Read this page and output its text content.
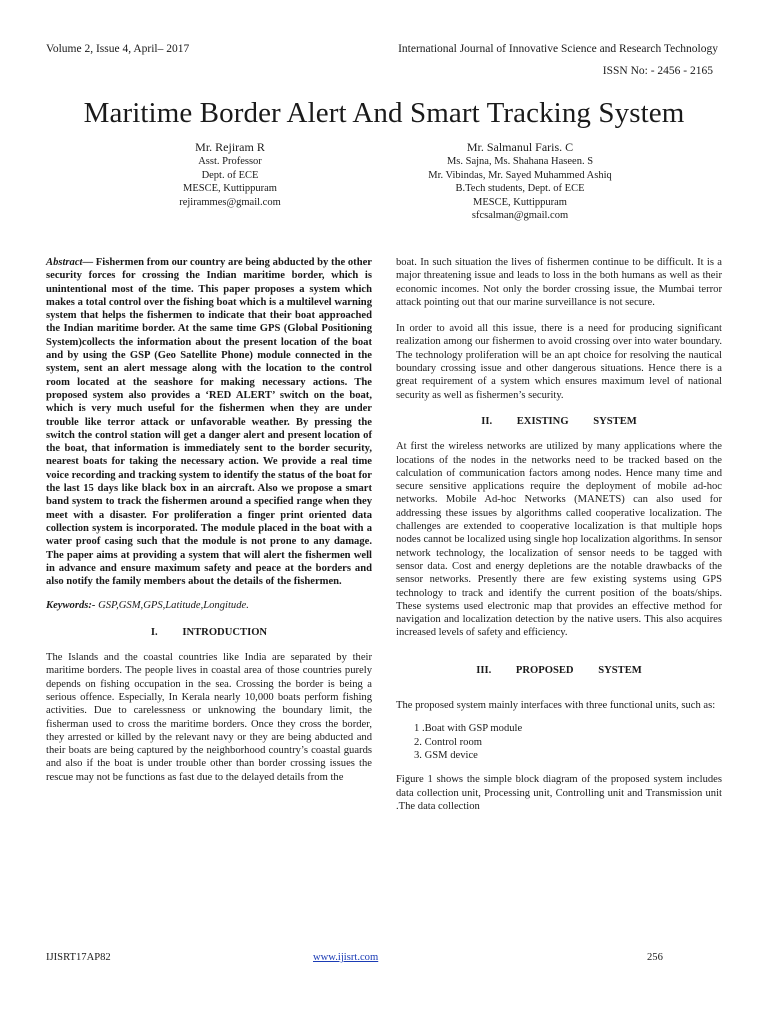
Volume 2, Issue 4, April– 2017	International Journal of Innovative Science and Research Technology
ISSN No: - 2456 - 2165
Maritime Border Alert And Smart Tracking System
Mr. Rejiram R
Asst. Professor
Dept. of ECE
MESCE, Kuttippuram
rejirammes@gmail.com
Mr. Salmanul Faris. C
Ms. Sajna, Ms. Shahana Haseen. S
Mr. Vibindas, Mr. Sayed Muhammed Ashiq
B.Tech students, Dept. of ECE
MESCE, Kuttippuram
sfcsalman@gmail.com
Abstract— Fishermen from our country are being abducted by the other security forces for crossing the Indian maritime border, which is unintentional most of the time. This paper proposes a system which makes a total control over the fishing boat which is a multilevel warning system that helps the fishermen to indicate that their boat approached the Indian maritime border. At the same time GPS (Global Positioning System)collects the information about the present location of the boat and by using the GSP (Geo Satellite Phone) module connected in the system, sent an alert message along with the location to the control room located at the seashore for making necessary actions. The proposed system also provides a ‘RED ALERT’ switch on the boat, which is very much useful for the fishermen when they are under trouble like terror attack or unfavorable weather. By pressing the switch the control station will get a danger alert and present location of the boat, that information is immediately sent to the border security, nearest boats for taking the necessary action. We provide a real time voice recording and tracking system to identify the status of the boat for the last 15 days like black box in an aircraft. Also we propose a smart band system to track the fishermen around a specified range when they meet with a disaster. For proliferation a finger print oriented data collection system is incorporated. The module placed in the boat with a water proof casing such that the module is not prone to any damage. The paper aims at providing a system that will alert the fishermen well in advance and ensure maximum safety and peace at the borders and also notify the family members about the details of the fishermen.
Keywords:- GSP,GSM,GPS,Latitude,Longitude.
I. INTRODUCTION
The Islands and the coastal countries like India are separated by their maritime borders. The people lives in coastal area of those countries purely depends on fishing occupation in the sea. Crossing the border is being a serious offence. Especially, In Kerala nearly 10,000 boats perform fishing activities. Due to carelessness or unknowing the boundary limit, the fisherman used to cross the maritime borders. Once they cross the border, they arrested or killed by the relevant navy or they are being abducted and their boats are being captured by the neighborhood country’s coastal guards and also if the boat is under trouble other than border crossing issues the rescue may not be functions as fast due to the delayed details from the
boat. In such situation the lives of fishermen continue to be difficult. It is a major threatening issue and leads to loss in the both humans as well as their economic incomes. Not only the border crossing issue, the Mumbai terror attack pointing out that our marine surveillance is not secure.
In order to avoid all this issue, there is a need for producing significant realization among our fishermen to avoid crossing over into water boundary. The technology proliferation will be an apt choice for resolving the nautical boundary crossing issue and other dangerous situations. Hence there is a great requirement of a system which ensures maximum level of national security as well as fishermen’s security.
II. EXISTING SYSTEM
At first the wireless networks are utilized by many applications where the locations of the nodes in the networks need to be tracked based on the calculation of communication factors among nodes. Hence many time and secure sensitive applications require the deployment of mobile ad-hoc networks. Mobile Ad-hoc Networks (MANETS) can also used for addressing these issues by algorithms called cooperative localization. The challenges are extended to cooperative localization is that multiple hops nodes cannot be localized using single hop localization algorithms. In sensor network technology, the localization of sensor needs to be tagged with sensor data. Cost and energy depletions are the notable drawbacks of the sensor networks. Presently there are few existing systems using GPS technology to track and identify the current position of the boats/ships. These systems used electronic map that provides an effective method for navigation and localization detection by the native users. This also acquires increased levels of safety and efficiency.
III. PROPOSED SYSTEM
The proposed system mainly interfaces with three functional units, such as:
1 .Boat with GSP module
2. Control room
3. GSM device
Figure 1 shows the simple block diagram of the proposed system includes data collection unit, Processing unit, Controlling unit and Transmission unit .The data collection
IJISRT17AP82	www.ijisrt.com	256
